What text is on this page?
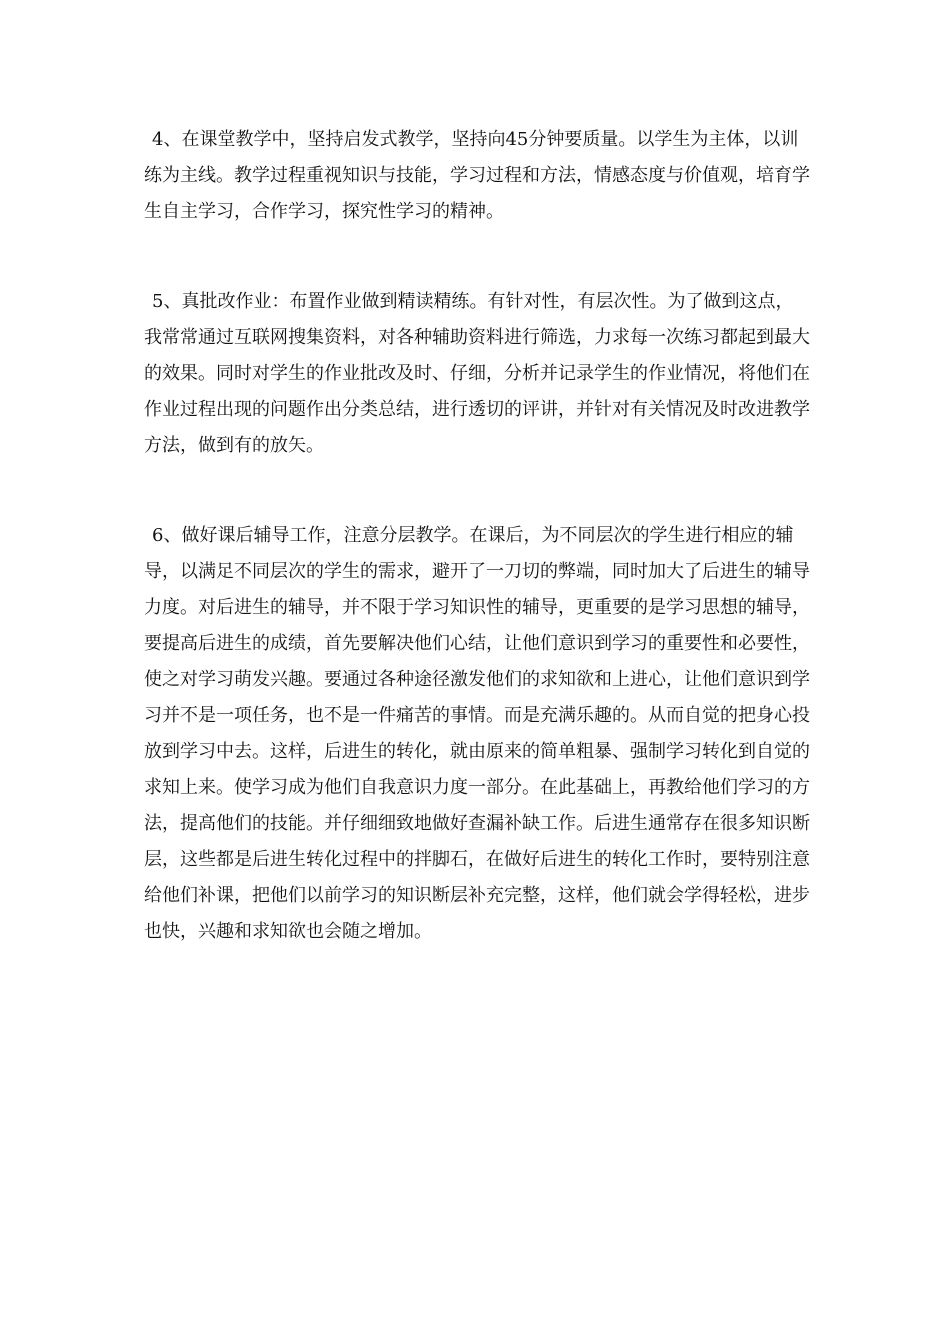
4、在课堂教学中，坚持启发式教学，坚持向45分钟要质量。以学生为主体，以训练为主线。教学过程重视知识与技能，学习过程和方法，情感态度与价值观，培育学生自主学习，合作学习，探究性学习的精神。

5、真批改作业：布置作业做到精读精练。有针对性，有层次性。为了做到这点，我常常通过互联网搜集资料，对各种辅助资料进行筛选，力求每一次练习都起到最大的效果。同时对学生的作业批改及时、仔细，分析并记录学生的作业情况，将他们在作业过程出现的问题作出分类总结，进行透切的评讲，并针对有关情况及时改进教学方法，做到有的放矢。

6、做好课后辅导工作，注意分层教学。在课后，为不同层次的学生进行相应的辅导，以满足不同层次的学生的需求，避开了一刀切的弊端，同时加大了后进生的辅导力度。对后进生的辅导，并不限于学习知识性的辅导，更重要的是学习思想的辅导，要提高后进生的成绩，首先要解决他们心结，让他们意识到学习的重要性和必要性，使之对学习萌发兴趣。要通过各种途径激发他们的求知欲和上进心，让他们意识到学习并不是一项任务，也不是一件痛苦的事情。而是充满乐趣的。从而自觉的把身心投放到学习中去。这样，后进生的转化，就由原来的简单粗暴、强制学习转化到自觉的求知上来。使学习成为他们自我意识力度一部分。在此基础上，再教给他们学习的方法，提高他们的技能。并仔细细致地做好查漏补缺工作。后进生通常存在很多知识断层，这些都是后进生转化过程中的拌脚石，在做好后进生的转化工作时，要特别注意给他们补课，把他们以前学习的知识断层补充完整，这样，他们就会学得轻松，进步也快，兴趣和求知欲也会随之增加。
